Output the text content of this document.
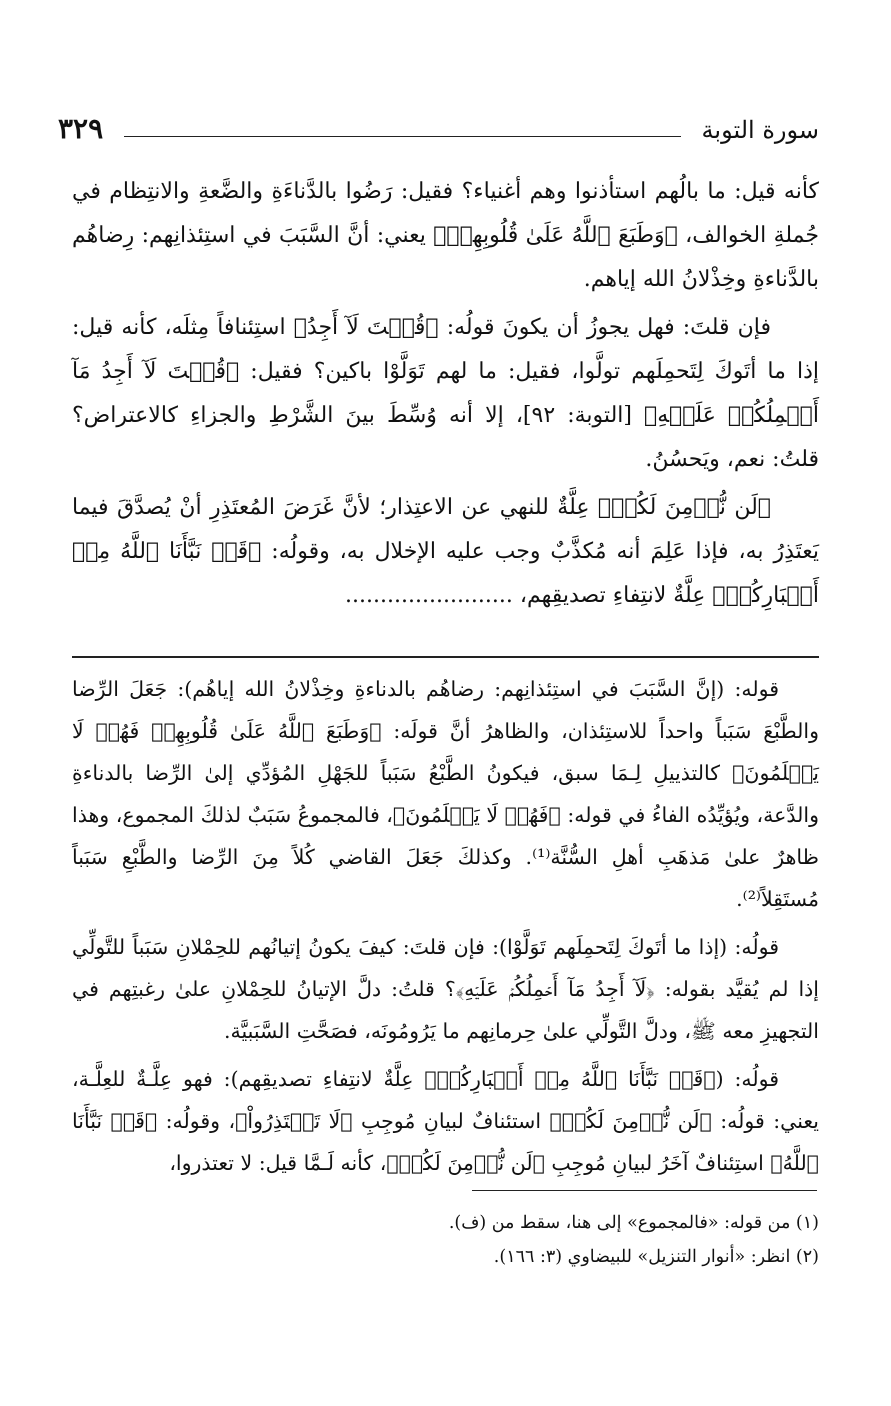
سورة التوبة
٣٢٩

كأنه قيل: ما بالُهم استأذنوا وهم أغنياء؟ فقيل: رَضُوا بالدَّناءَةِ والضَّعةِ والانتِظام في جُملةِ الخوالف، ﴿وَطَبَعَ ٱللَّهُ عَلَىٰ قُلُوبِهِمۡ﴾ يعني: أنَّ السَّبَبَ في استِئذانِهم: رِضاهُم بالدَّناءةِ وخِذْلانُ الله إياهم.

فإن قلتَ: فهل يجوزُ أن يكونَ قولُه: ﴿قُلۡتَ لَآ أَجِدُ﴾ استِئنافاً مِثلَه، كأنه قيل: إذا ما أتَوكَ لِتَحمِلَهم تولَّوا، فقيل: ما لهم تَوَلَّوْا باكين؟ فقيل: ﴿قُلۡتَ لَآ أَجِدُ مَآ أَحۡمِلُكُمۡ عَلَيۡهِ﴾ [التوبة: ٩٢]، إلا أنه وُسِّطَ بينَ الشَّرْطِ والجزاءِ كالاعتراض؟ قلتُ: نعم، ويَحسُنُ.

﴿لَن نُّؤۡمِنَ لَكُمۡ﴾ عِلَّةٌ للنهي عن الاعتِذار؛ لأنَّ غَرَضَ المُعتَذِرِ أنْ يُصدَّقَ فيما يَعتَذِرُ به، فإذا عَلِمَ أنه مُكذَّبٌ وجب عليه الإخلال به، وقولُه: ﴿قَدۡ نَبَّأَنَا ٱللَّهُ مِنۡ أَخۡبَارِكُمۡ﴾ عِلَّةٌ لانتِفاءِ تصديقِهم، ........................

قوله: (إنَّ السَّبَبَ في استِئذانِهم: رضاهُم بالدناءةِ وخِذْلانُ الله إياهُم): جَعَلَ الرِّضا والطَّبْعَ سَبَباً واحداً للاستِئذان، والظاهرُ أنَّ قولَه: ﴿وَطَبَعَ ٱللَّهُ عَلَىٰ قُلُوبِهِمۡ فَهُمۡ لَا يَعۡلَمُونَ﴾ كالتذييلِ لِـمَا سبق، فيكونُ الطَّبْعُ سَبَباً للجَهْلِ المُؤدِّي إلىٰ الرِّضا بالدناءةِ والدَّعة، ويُؤيِّدُه الفاءُ في قوله: ﴿فَهُمۡ لَا يَعۡلَمُونَ﴾، فالمجموعُ سَبَبٌ لذلكَ المجموع، وهذا ظاهرٌ علىٰ مَذهَبِ أهلِ السُّنَّة⁽¹⁾. وكذلكَ جَعَلَ القاضي كُلاً مِنَ الرِّضا والطَّبْعِ سَبَباً مُستَقِلاً⁽²⁾.

قولُه: (إذا ما أتَوكَ لِتَحمِلَهم تَوَلَّوْا): فإن قلتَ: كيفَ يكونُ إتيانُهم للحِمْلانِ سَبَباً للتَّولِّي إذا لم يُقيَّد بقوله: ﴿لَآ أَجِدُ مَآ أَحۡمِلُكُمۡ عَلَيۡهِ﴾؟ قلتُ: دلَّ الإتيانُ للحِمْلانِ علىٰ رغبتِهم في التجهيزِ معه ﷺ، ودلَّ التَّولِّي علىٰ حِرمانِهم ما يَرُومُونَه، فصَحَّتِ السَّبَبيَّة.

قولُه: (﴿قَدۡ نَبَّأَنَا ٱللَّهُ مِنۡ أَخۡبَارِكُمۡ﴾ عِلَّةٌ لانتِفاءِ تصديقِهم): فهو عِلَّـةٌ للعِلَّـة، يعني: قولُه: ﴿لَن نُّؤۡمِنَ لَكُمۡ﴾ استئنافٌ لبيانِ مُوجِبِ ﴿لَا تَعۡتَذِرُواْ﴾، وقولُه: ﴿قَدۡ نَبَّأَنَا ٱللَّهُ﴾ استِئنافٌ آخَرُ لبيانِ مُوجِبِ ﴿لَن نُّؤۡمِنَ لَكُمۡ﴾، كأنه لَـمَّا قيل: لا تعتذروا،

(١) من قوله: «فالمجموع» إلى هنا، سقط من (ف).
(٢) انظر: «أنوار التنزيل» للبيضاوي (٣: ١٦٦).
